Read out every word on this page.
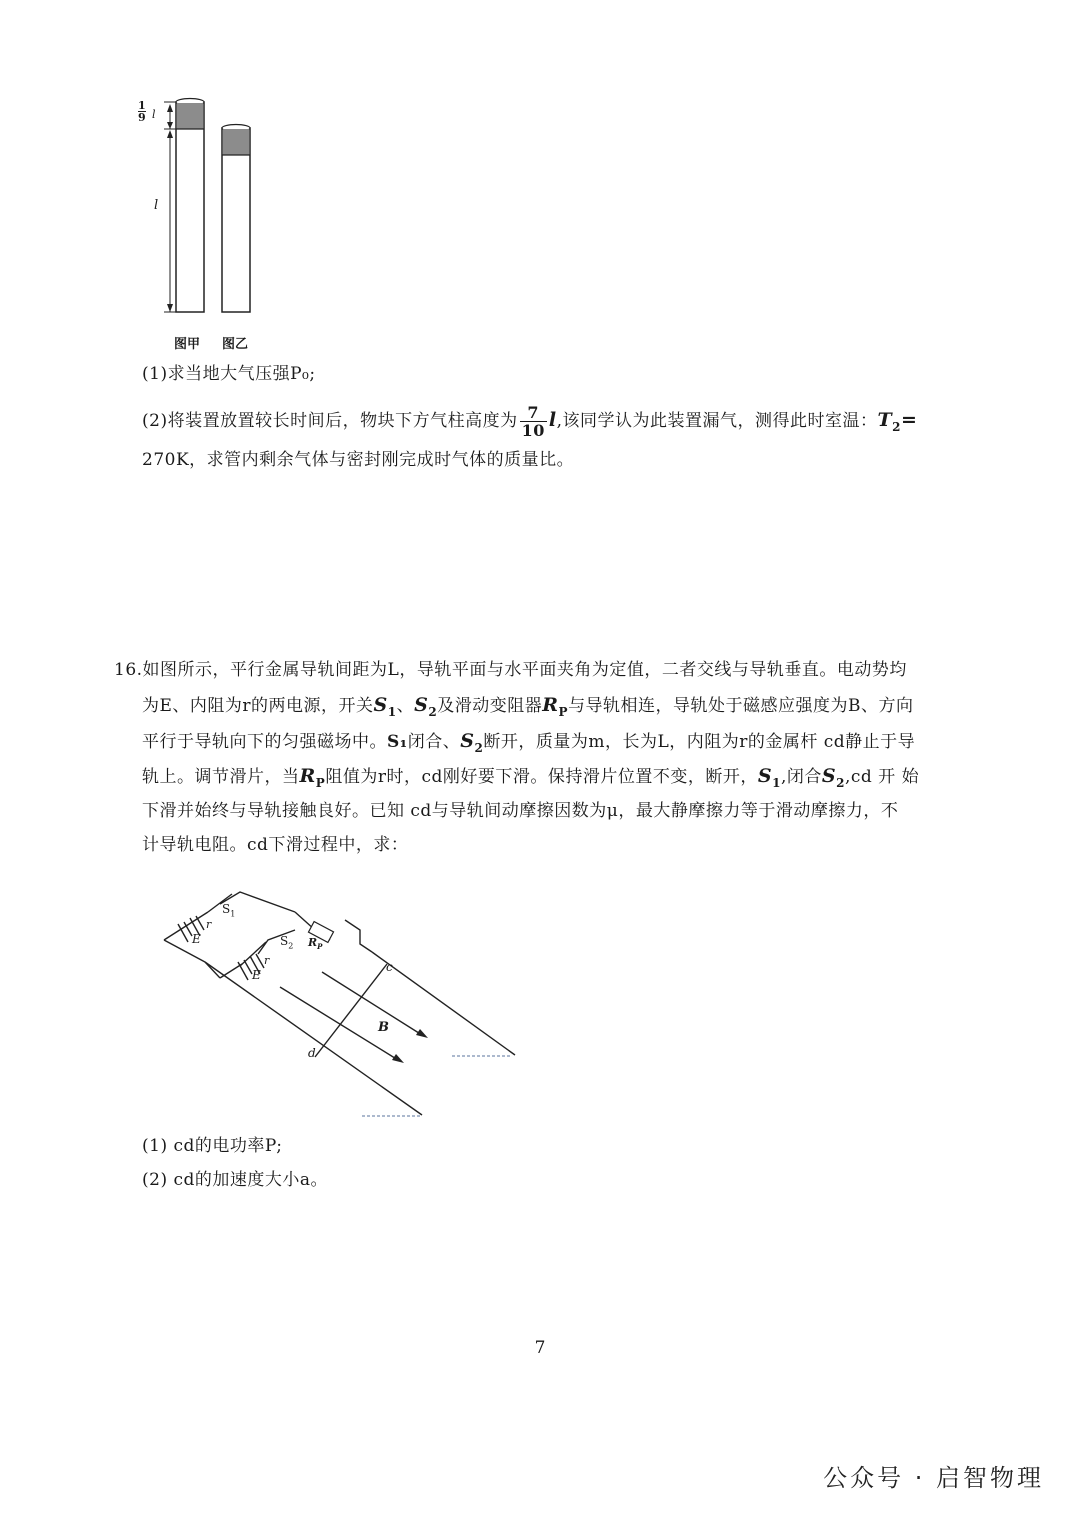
1
9 l
l
图甲 图乙
(1)求当地大气压强P₀;
(2)将装置放置较长时间后，物块下方气柱高度为 $\frac{7}{10} l$,该同学认为此装置漏气，测得此时室温：$T_2=$
270K，求管内剩余气体与密封刚完成时气体的质量比。
16.如图所示，平行金属导轨间距为L，导轨平面与水平面夹角为定值，二者交线与导轨垂直。电动势均
为E、内阻为r的两电源，开关$S_1$、$S_2$及滑动变阻器$R_P$与导轨相连，导轨处于磁感应强度为B、方向
平行于导轨向下的匀强磁场中。S₁闭合、$S_2$断开，质量为m，长为L，内阻为r的金属杆 cd静止于导
轨上。调节滑片，当$R_P$阻值为r时，cd刚好要下滑。保持滑片位置不变，断开，$S_1$,闭合$S_2,cd$ 开 始
下滑并始终与导轨接触良好。已知 cd与导轨间动摩擦因数为μ，最大静摩擦力等于滑动摩擦力，不
计导轨电阻。cd下滑过程中，求：
$S_1$
$S_2$
E
r
E
r
$R_P$
c
d
B
(1) cd的电功率P;
(2) cd的加速度大小a。
7
公众号 · 启智物理
